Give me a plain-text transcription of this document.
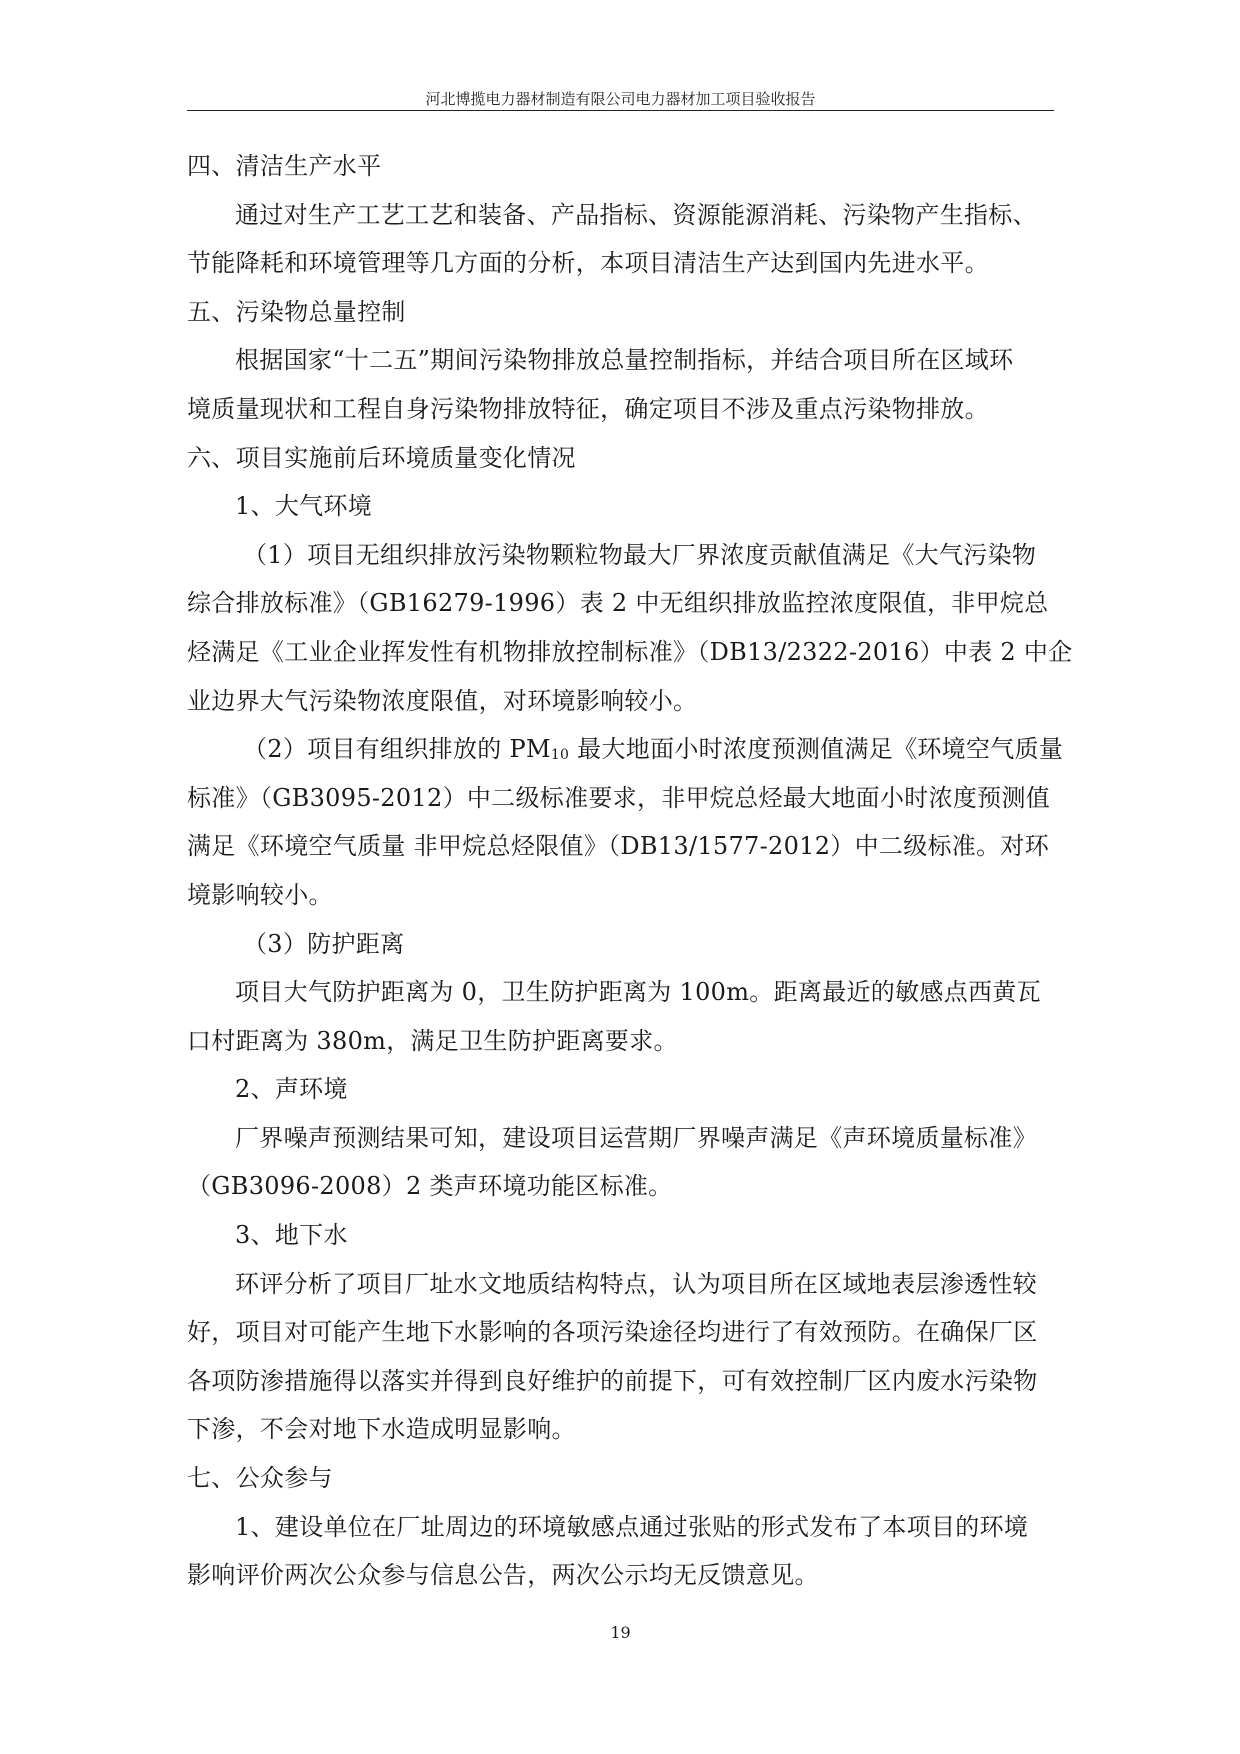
河北博揽电力器材制造有限公司电力器材加工项目验收报告
四、清洁生产水平
通过对生产工艺工艺和装备、产品指标、资源能源消耗、污染物产生指标、
节能降耗和环境管理等几方面的分析，本项目清洁生产达到国内先进水平。
五、污染物总量控制
根据国家“十二五”期间污染物排放总量控制指标，并结合项目所在区域环
境质量现状和工程自身污染物排放特征，确定项目不涉及重点污染物排放。
六、项目实施前后环境质量变化情况
1、大气环境
（1）项目无组织排放污染物颗粒物最大厂界浓度贡献值满足《大气污染物
综合排放标准》（GB16279-1996）表 2 中无组织排放监控浓度限值，非甲烷总
烃满足《工业企业挥发性有机物排放控制标准》（DB13/2322-2016）中表 2 中企
业边界大气污染物浓度限值，对环境影响较小。
（2）项目有组织排放的 PM10 最大地面小时浓度预测值满足《环境空气质量
标准》（GB3095-2012）中二级标准要求，非甲烷总烃最大地面小时浓度预测值
满足《环境空气质量 非甲烷总烃限值》（DB13/1577-2012）中二级标准。对环
境影响较小。
（3）防护距离
项目大气防护距离为 0，卫生防护距离为 100m。距离最近的敏感点西黄瓦
口村距离为 380m，满足卫生防护距离要求。
2、声环境
厂界噪声预测结果可知，建设项目运营期厂界噪声满足《声环境质量标准》
（GB3096-2008）2 类声环境功能区标准。
3、地下水
环评分析了项目厂址水文地质结构特点，认为项目所在区域地表层渗透性较
好，项目对可能产生地下水影响的各项污染途径均进行了有效预防。在确保厂区
各项防渗措施得以落实并得到良好维护的前提下，可有效控制厂区内废水污染物
下渗，不会对地下水造成明显影响。
七、公众参与
1、建设单位在厂址周边的环境敏感点通过张贴的形式发布了本项目的环境
影响评价两次公众参与信息公告，两次公示均无反馈意见。
19
